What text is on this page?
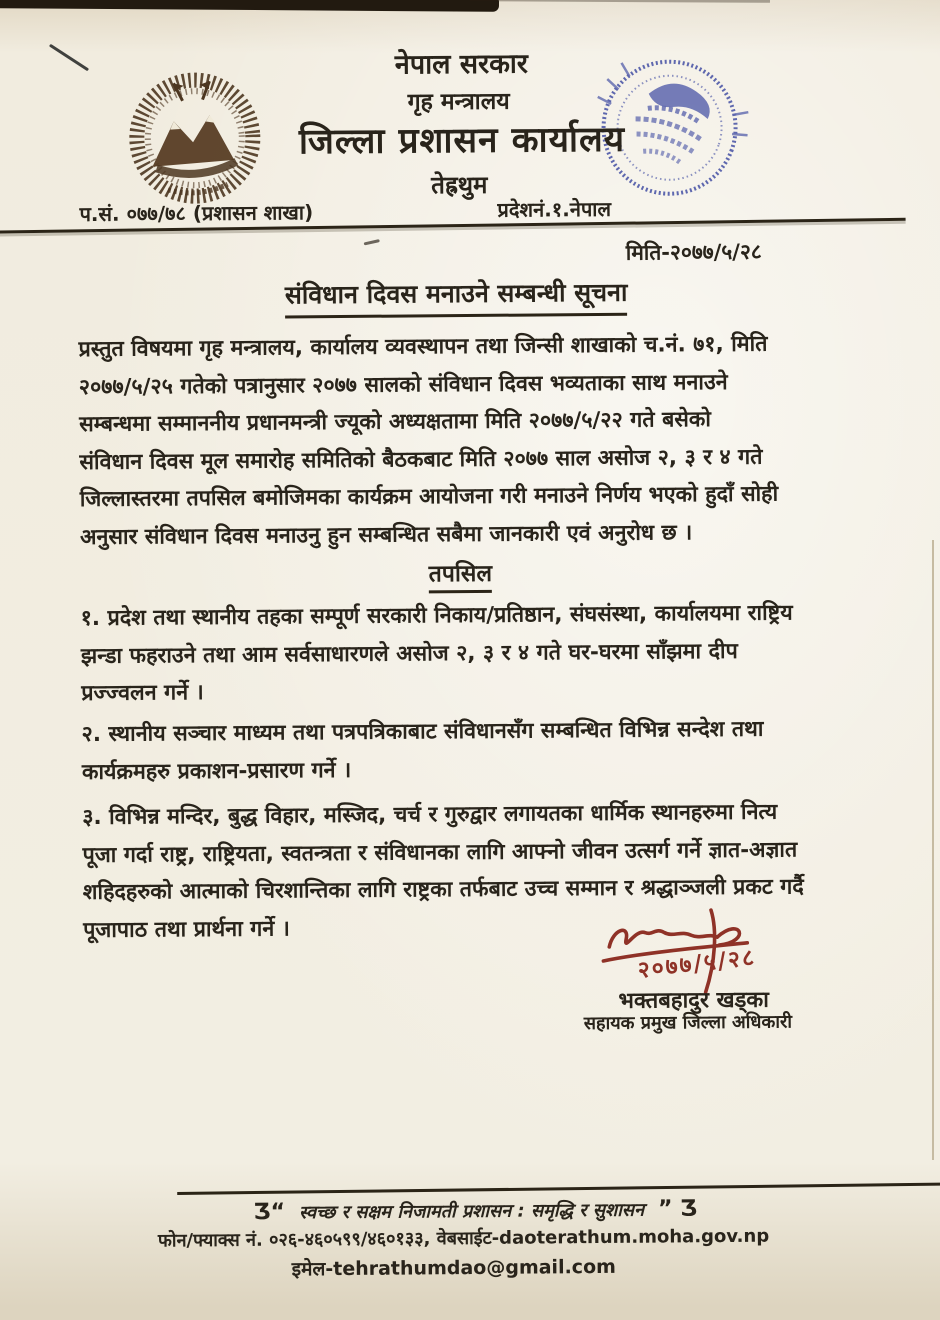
नेपाल सरकार
गृह मन्त्रालय
जिल्ला प्रशासन कार्यालय
तेह्रथुम
प.सं. ०७७/७८ (प्रशासन शाखा)	प्रदेशनं.१.नेपाल
मिति-२०७७/५/२८
संविधान दिवस मनाउने सम्बन्धी सूचना
प्रस्तुत विषयमा गृह मन्त्रालय, कार्यालय व्यवस्थापन तथा जिन्सी शाखाको च.नं. ७१, मिति
२०७७/५/२५ गतेको पत्रानुसार २०७७ सालको संविधान दिवस भव्यताका साथ मनाउने
सम्बन्धमा सम्माननीय प्रधानमन्त्री ज्यूको अध्यक्षतामा मिति २०७७/५/२२ गते बसेको
संविधान दिवस मूल समारोह समितिको बैठकबाट मिति २०७७ साल असोज २, ३ र ४ गते
जिल्लास्तरमा तपसिल बमोजिमका कार्यक्रम आयोजना गरी मनाउने निर्णय भएको हुदाँ सोही
अनुसार संविधान दिवस मनाउनु हुन सम्बन्धित सबैमा जानकारी एवं अनुरोध छ ।
तपसिल
१. प्रदेश तथा स्थानीय तहका सम्पूर्ण सरकारी निकाय/प्रतिष्ठान, संघसंस्था, कार्यालयमा राष्ट्रिय
झन्डा फहराउने तथा आम सर्वसाधारणले असोज २, ३ र ४ गते घर-घरमा साँझमा दीप
प्रज्ज्वलन गर्ने ।
२. स्थानीय सञ्चार माध्यम तथा पत्रपत्रिकाबाट संविधानसँग सम्बन्धित विभिन्न सन्देश तथा
कार्यक्रमहरु प्रकाशन-प्रसारण गर्ने ।
३. विभिन्न मन्दिर, बुद्ध विहार, मस्जिद, चर्च र गुरुद्वार लगायतका धार्मिक स्थानहरुमा नित्य
पूजा गर्दा राष्ट्र, राष्ट्रियता, स्वतन्त्रता र संविधानका लागि आफ्नो जीवन उत्सर्ग गर्ने ज्ञात-अज्ञात
शहिदहरुको आत्माको चिरशान्तिका लागि राष्ट्रका तर्फबाट उच्च सम्मान र श्रद्धाञ्जली प्रकट गर्दै
पूजापाठ तथा प्रार्थना गर्ने ।
२०७७/५/२८
भक्तबहादुर खड्का
सहायक प्रमुख जिल्ला अधिकारी
Ʒ“ स्वच्छ र सक्षम निजामती प्रशासन : समृद्धि र सुशासन ” Ʒ
फोन/फ्याक्स नं. ०२६-४६०५९९/४६०१३३, वेबसाईट-daoterathum.moha.gov.np
इमेल-tehrathumdao@gmail.com
